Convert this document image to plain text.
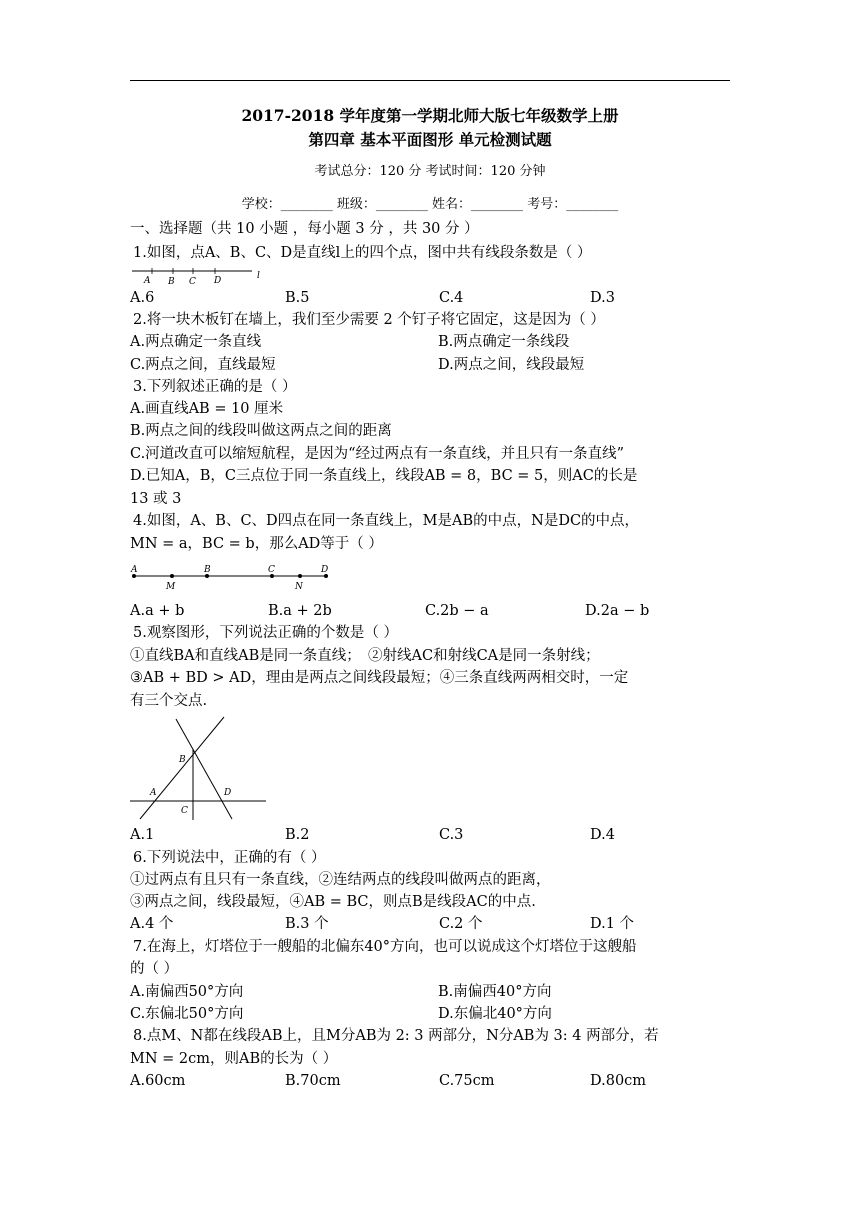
2017-2018 学年度第一学期北师大版七年级数学上册
第四章 基本平面图形 单元检测试题
考试总分：120 分 考试时间：120 分钟
学校：________ 班级：________ 姓名：________ 考号：________
一、选择题（共 10 小题 ，每小题 3 分 ，共 30 分 ）
1.如图，点A、B、C、D是直线l上的四个点，图中共有线段条数是（ ）
A B C D	l
A.6	B.5	C.4	D.3
2.将一块木板钉在墙上，我们至少需要 2 个钉子将它固定，这是因为（ ）
A.两点确定一条直线	B.两点确定一条线段
C.两点之间，直线最短	D.两点之间，线段最短
3.下列叙述正确的是（ ）
A.画直线AB = 10 厘米
B.两点之间的线段叫做这两点之间的距离
C.河道改直可以缩短航程，是因为“经过两点有一条直线，并且只有一条直线”
D.已知A，B，C三点位于同一条直线上，线段AB = 8，BC = 5，则AC的长是
13 或 3
4.如图，A、B、C、D四点在同一条直线上，M是AB的中点，N是DC的中点，
MN = a，BC = b，那么AD等于（ ）
A
M
B	C
N
D
A.a + b	B.a + 2b	C.2b − a	D.2a − b
5.观察图形，下列说法正确的个数是（ ）
①直线BA和直线AB是同一条直线；　②射线AC和射线CA是同一条射线；
③AB + BD > AD，理由是两点之间线段最短；④三条直线两两相交时，一定
有三个交点.
B
A
C
D
A.1	B.2	C.3	D.4
6.下列说法中，正确的有（ ）
①过两点有且只有一条直线，②连结两点的线段叫做两点的距离，
③两点之间，线段最短，④AB = BC，则点B是线段AC的中点.
A.4 个	B.3 个	C.2 个	D.1 个
7.在海上，灯塔位于一艘船的北偏东40°方向，也可以说成这个灯塔位于这艘船
的（ ）
A.南偏西50°方向	B.南偏西40°方向
C.东偏北50°方向	D.东偏北40°方向
8.点M、N都在线段AB上，且M分AB为 2: 3 两部分，N分AB为 3: 4 两部分，若
MN = 2cm，则AB的长为（ ）
A.60cm	B.70cm	C.75cm	D.80cm
